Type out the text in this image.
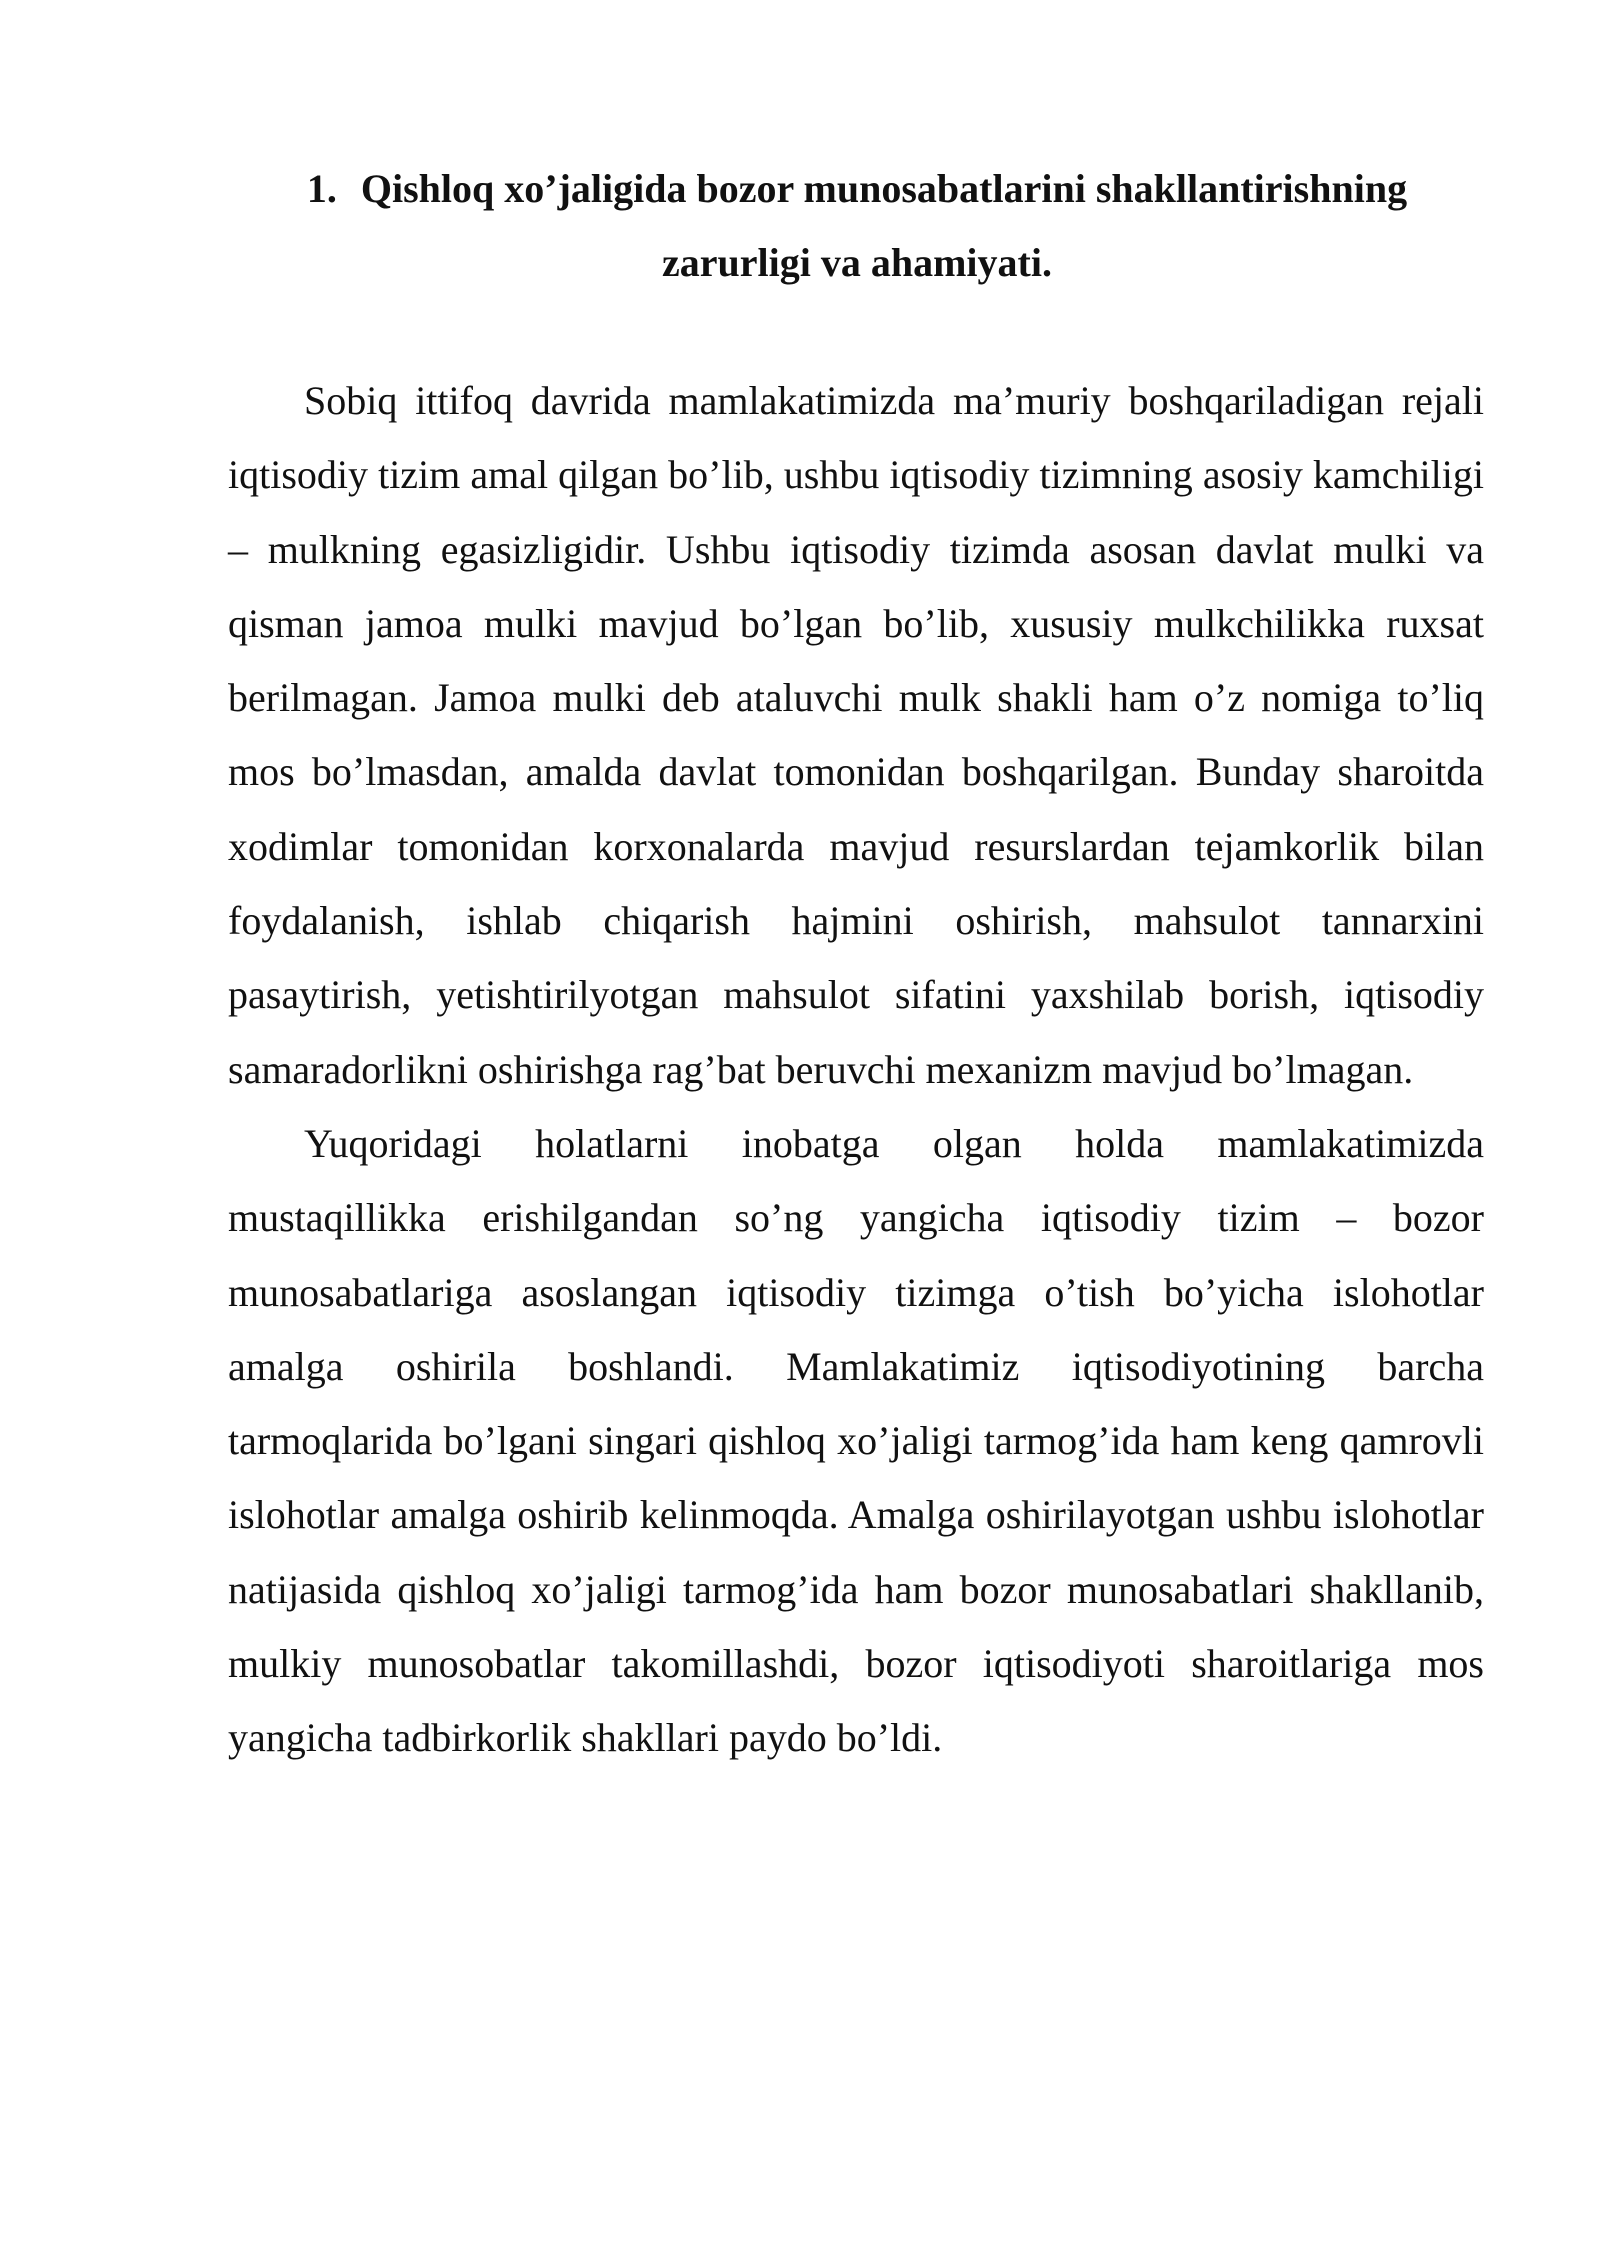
1. Qishloq xo’jaligida bozor munosabatlarini shakllantirishning zarurligi va ahamiyati.

Sobiq ittifoq davrida mamlakatimizda ma’muriy boshqariladigan rejali iqtisodiy tizim amal qilgan bo’lib, ushbu iqtisodiy tizimning asosiy kamchiligi – mulkning egasizligidir. Ushbu iqtisodiy tizimda asosan davlat mulki va qisman jamoa mulki mavjud bo’lgan bo’lib, xususiy mulkchilikka ruxsat berilmagan. Jamoa mulki deb ataluvchi mulk shakli ham o’z nomiga to’liq mos bo’lmasdan, amalda davlat tomonidan boshqarilgan. Bunday sharoitda xodimlar tomonidan korxonalarda mavjud resurslardan tejamkorlik bilan foydalanish, ishlab chiqarish hajmini oshirish, mahsulot tannarxini pasaytirish, yetishtirilyotgan mahsulot sifatini yaxshilab borish, iqtisodiy samaradorlikni oshirishga rag’bat beruvchi mexanizm mavjud bo’lmagan.

Yuqoridagi holatlarni inobatga olgan holda mamlakatimizda mustaqillikka erishilgandan so’ng yangicha iqtisodiy tizim – bozor munosabatlariga asoslangan iqtisodiy tizimga o’tish bo’yicha islohotlar amalga oshirila boshlandi. Mamlakatimiz iqtisodiyotining barcha tarmoqlarida bo’lgani singari qishloq xo’jaligi tarmog’ida ham keng qamrovli islohotlar amalga oshirib kelinmoqda. Amalga oshirilayotgan ushbu islohotlar natijasida qishloq xo’jaligi tarmog’ida ham bozor munosabatlari shakllanib, mulkiy munosobatlar takomillashdi, bozor iqtisodiyoti sharoitlariga mos yangicha tadbirkorlik shakllari paydo bo’ldi.
